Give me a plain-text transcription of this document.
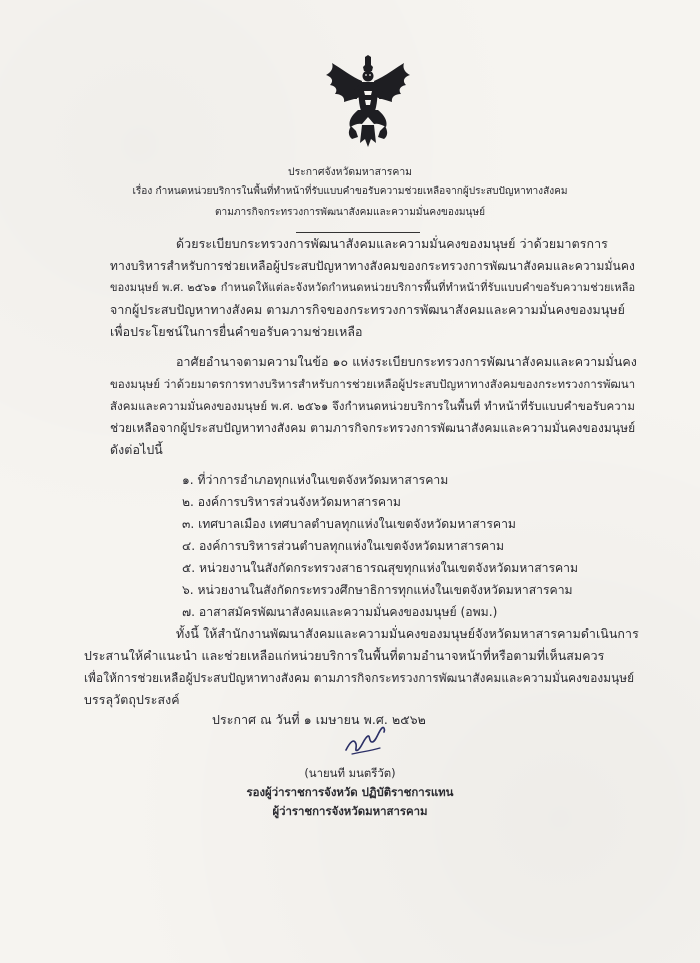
ประกาศจังหวัดมหาสารคาม
เรื่อง กำหนดหน่วยบริการในพื้นที่ทำหน้าที่รับแบบคำขอรับความช่วยเหลือจากผู้ประสบปัญหาทางสังคม
ตามภารกิจกระทรวงการพัฒนาสังคมและความมั่นคงของมนุษย์
ด้วยระเบียบกระทรวงการพัฒนาสังคมและความมั่นคงของมนุษย์ ว่าด้วยมาตรการ
ทางบริหารสำหรับการช่วยเหลือผู้ประสบปัญหาทางสังคมของกระทรวงการพัฒนาสังคมและความมั่นคง
ของมนุษย์ พ.ศ. ๒๕๖๑ กำหนดให้แต่ละจังหวัดกำหนดหน่วยบริการพื้นที่ทำหน้าที่รับแบบคำขอรับความช่วยเหลือ
จากผู้ประสบปัญหาทางสังคม ตามภารกิจของกระทรวงการพัฒนาสังคมและความมั่นคงของมนุษย์
เพื่อประโยชน์ในการยื่นคำขอรับความช่วยเหลือ
อาศัยอำนาจตามความในข้อ ๑๐ แห่งระเบียบกระทรวงการพัฒนาสังคมและความมั่นคง
ของมนุษย์ ว่าด้วยมาตรการทางบริหารสำหรับการช่วยเหลือผู้ประสบปัญหาทางสังคมของกระทรวงการพัฒนา
สังคมและความมั่นคงของมนุษย์ พ.ศ. ๒๕๖๑ จึงกำหนดหน่วยบริการในพื้นที่ ทำหน้าที่รับแบบคำขอรับความ
ช่วยเหลือจากผู้ประสบปัญหาทางสังคม ตามภารกิจกระทรวงการพัฒนาสังคมและความมั่นคงของมนุษย์
ดังต่อไปนี้
๑. ที่ว่าการอำเภอทุกแห่งในเขตจังหวัดมหาสารคาม
๒. องค์การบริหารส่วนจังหวัดมหาสารคาม
๓. เทศบาลเมือง เทศบาลตำบลทุกแห่งในเขตจังหวัดมหาสารคาม
๔. องค์การบริหารส่วนตำบลทุกแห่งในเขตจังหวัดมหาสารคาม
๕. หน่วยงานในสังกัดกระทรวงสาธารณสุขทุกแห่งในเขตจังหวัดมหาสารคาม
๖. หน่วยงานในสังกัดกระทรวงศึกษาธิการทุกแห่งในเขตจังหวัดมหาสารคาม
๗. อาสาสมัครพัฒนาสังคมและความมั่นคงของมนุษย์ (อพม.)
ทั้งนี้ ให้สำนักงานพัฒนาสังคมและความมั่นคงของมนุษย์จังหวัดมหาสารคามดำเนินการ
ประสานให้คำแนะนำ และช่วยเหลือแก่หน่วยบริการในพื้นที่ตามอำนาจหน้าที่หรือตามที่เห็นสมควร
เพื่อให้การช่วยเหลือผู้ประสบปัญหาทางสังคม ตามภารกิจกระทรวงการพัฒนาสังคมและความมั่นคงของมนุษย์
บรรลุวัตถุประสงค์
ประกาศ ณ วันที่ ๑ เมษายน พ.ศ. ๒๕๖๒
(นายนที มนตรีวัต)
รองผู้ว่าราชการจังหวัด ปฏิบัติราชการแทน
ผู้ว่าราชการจังหวัดมหาสารคาม
